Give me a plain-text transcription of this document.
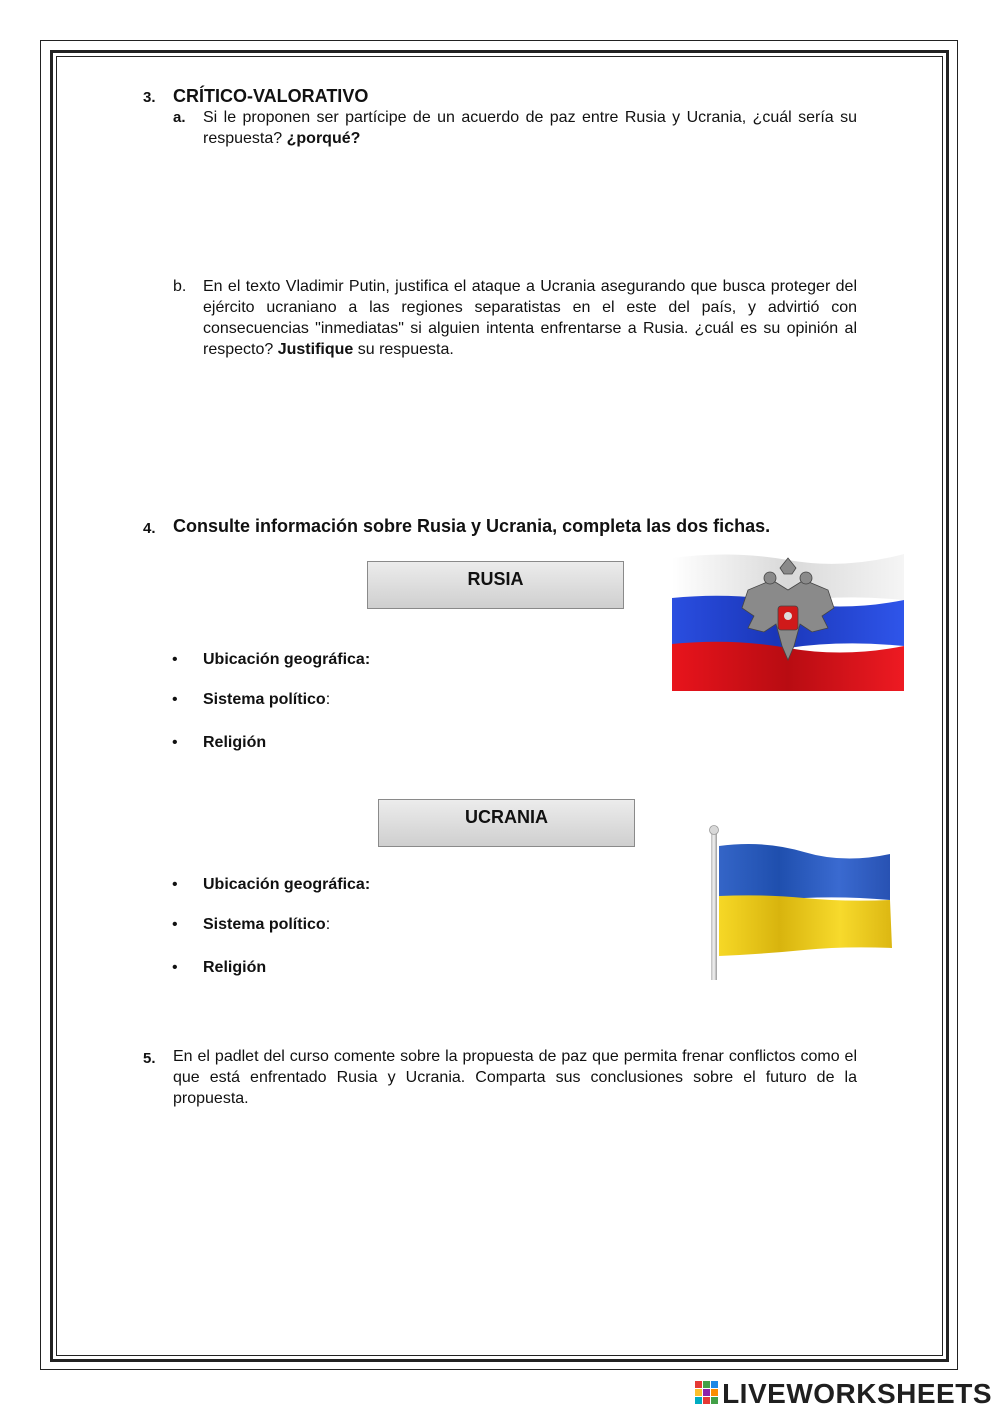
3. CRÍTICO-VALORATIVO
a. Si le proponen ser partícipe de un acuerdo de paz entre Rusia y Ucrania, ¿cuál sería su respuesta? ¿porqué?
b. En el texto Vladimir Putin, justifica el ataque a Ucrania asegurando que busca proteger del ejército ucraniano a las regiones separatistas en el este del país, y advirtió con consecuencias "inmediatas" si alguien intenta enfrentarse a Rusia. ¿cuál es su opinión al respecto? Justifique su respuesta.
4. Consulte información sobre Rusia y Ucrania, completa las dos fichas.
RUSIA
• Ubicación geográfica:
• Sistema político:
• Religión
UCRANIA
• Ubicación geográfica:
• Sistema político:
• Religión
5. En el padlet del curso comente sobre la propuesta de paz que permita frenar conflictos como el que está enfrentado Rusia y Ucrania. Comparta sus conclusiones sobre el futuro de la propuesta.
LIVEWORKSHEETS
